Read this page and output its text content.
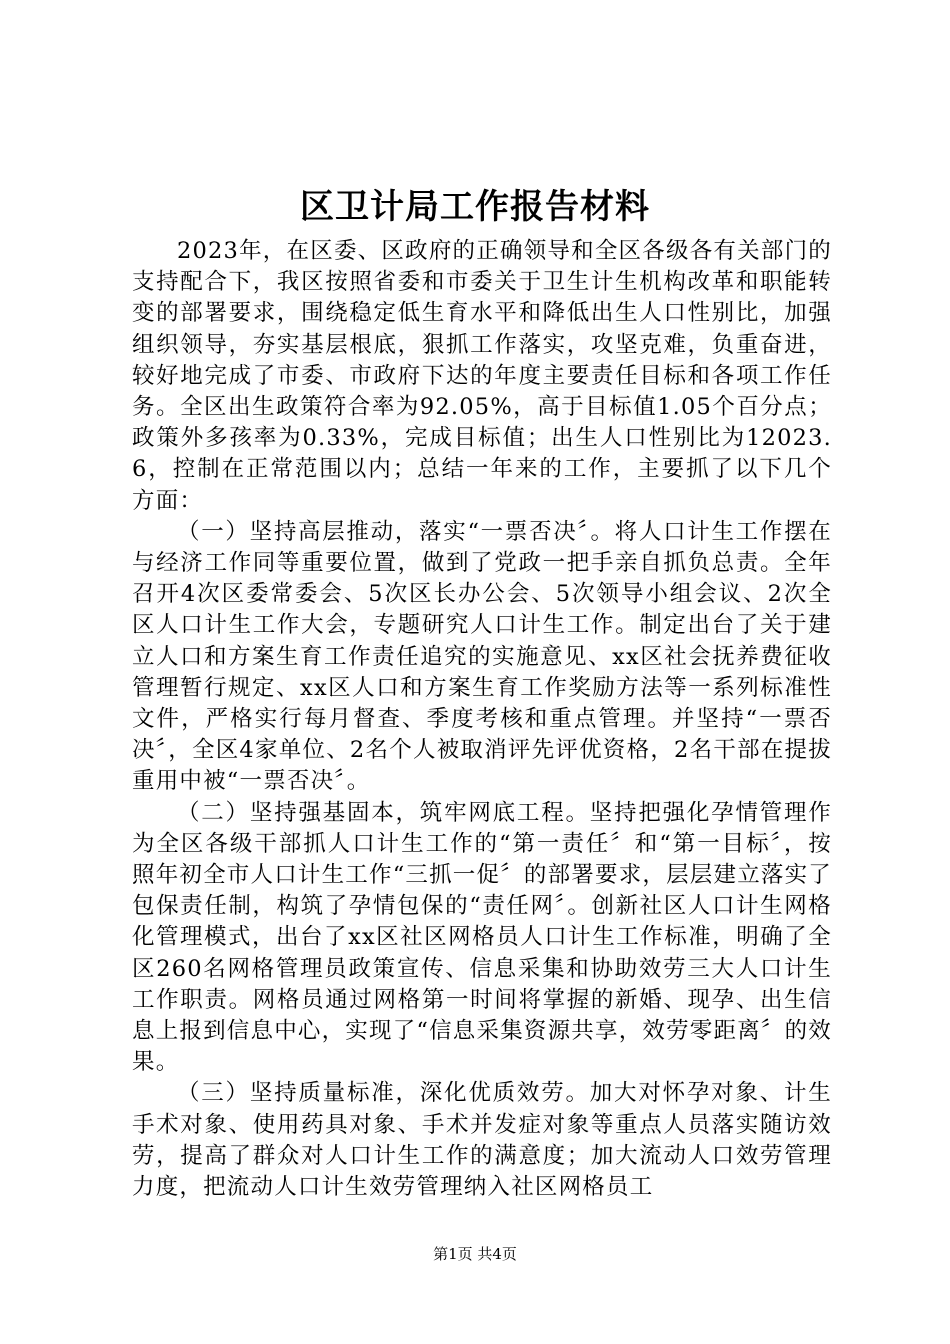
区卫计局工作报告材料

2023年，在区委、区政府的正确领导和全区各级各有关部门的支持配合下，我区按照省委和市委关于卫生计生机构改革和职能转变的部署要求，围绕稳定低生育水平和降低出生人口性别比，加强组织领导，夯实基层根底，狠抓工作落实，攻坚克难，负重奋进，较好地完成了市委、市政府下达的年度主要责任目标和各项工作任务。全区出生政策符合率为92.05%，高于目标值1.05个百分点；政策外多孩率为0.33%，完成目标值；出生人口性别比为12023.6，控制在正常范围以内；总结一年来的工作，主要抓了以下几个方面：

（一）坚持高层推动，落实“一票否决〞。将人口计生工作摆在与经济工作同等重要位置，做到了党政一把手亲自抓负总责。全年召开4次区委常委会、5次区长办公会、5次领导小组会议、2次全区人口计生工作大会，专题研究人口计生工作。制定出台了关于建立人口和方案生育工作责任追究的实施意见、xx区社会抚养费征收管理暂行规定、xx区人口和方案生育工作奖励方法等一系列标准性文件，严格实行每月督查、季度考核和重点管理。并坚持“一票否决〞，全区4家单位、2名个人被取消评先评优资格，2名干部在提拔重用中被“一票否决〞。

（二）坚持强基固本，筑牢网底工程。坚持把强化孕情管理作为全区各级干部抓人口计生工作的“第一责任〞和“第一目标〞，按照年初全市人口计生工作“三抓一促〞的部署要求，层层建立落实了包保责任制，构筑了孕情包保的“责任网〞。创新社区人口计生网格化管理模式，出台了xx区社区网格员人口计生工作标准，明确了全区260名网格管理员政策宣传、信息采集和协助效劳三大人口计生工作职责。网格员通过网格第一时间将掌握的新婚、现孕、出生信息上报到信息中心，实现了“信息采集资源共享，效劳零距离〞的效果。

（三）坚持质量标准，深化优质效劳。加大对怀孕对象、计生手术对象、使用药具对象、手术并发症对象等重点人员落实随访效劳，提高了群众对人口计生工作的满意度；加大流动人口效劳管理力度，把流动人口计生效劳管理纳入社区网格员工

第1页 共4页
